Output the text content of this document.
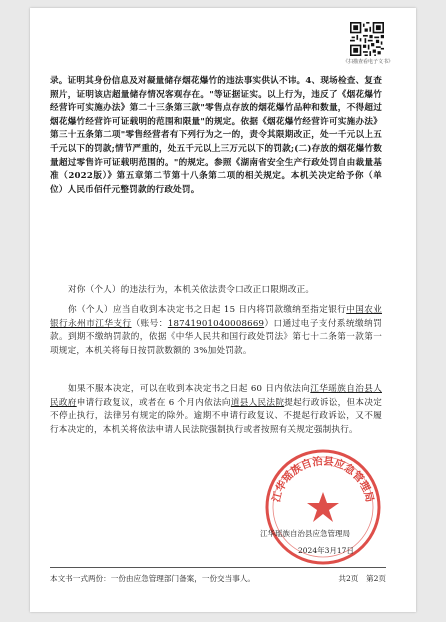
《扫描查看电子文书》
录。证明其身份信息及对凝量储存烟花爆竹的违法事实供认不讳。4、现场检查、复查照片，证明该店超量储存情况客观存在。"等证据证实。以上行为，违反了《烟花爆竹经营许可实施办法》第二十三条第三款"零售点存放的烟花爆竹品种和数量，不得超过烟花爆竹经营许可证载明的范围和限量"的规定。依据《烟花爆竹经营许可实施办法》第三十五条第二项"零售经营者有下列行为之一的，责令其限期改正，处一千元以上五千元以下的罚款;情节严重的，处五千元以上三万元以下的罚款;(二)存放的烟花爆竹数量超过零售许可证载明范围的。"的规定。参照《湖南省安全生产行政处罚自由裁量基准（2022版）》第五章第二节第十八条第二项的相关规定。本机关决定给予你（单位）人民币佰仟元整罚款的行政处罚。
对你（个人）的违法行为，本机关依法责令口改正口限期改正。
你（个人）应当自收到本决定书之日起 15 日内将罚款缴纳至指定银行中国农业银行永州市江华支行（账号：18741901040008669）口通过电子支付系统缴纳罚款。到期不缴纳罚款的，依据《中华人民共和国行政处罚法》第七十二条第一款第一项规定，本机关将每日按罚款数额的 3%加处罚款。
如果不服本决定，可以在收到本决定书之日起 60 日内依法向江华瑶族自治县人民政府申请行政复议，或者在 6 个月内依法向道县人民法院提起行政诉讼，但本决定不停止执行，法律另有规定的除外。逾期不申请行政复议、不提起行政诉讼，又不履行本决定的，本机关将依法申请人民法院强制执行或者按照有关规定强制执行。
江华瑶族自治县应急管理局
江华瑶族自治县应急管理局
2024年3月17日
本文书一式两份：一份由应急管理部门备案，一份交当事人。	共2页　第2页
